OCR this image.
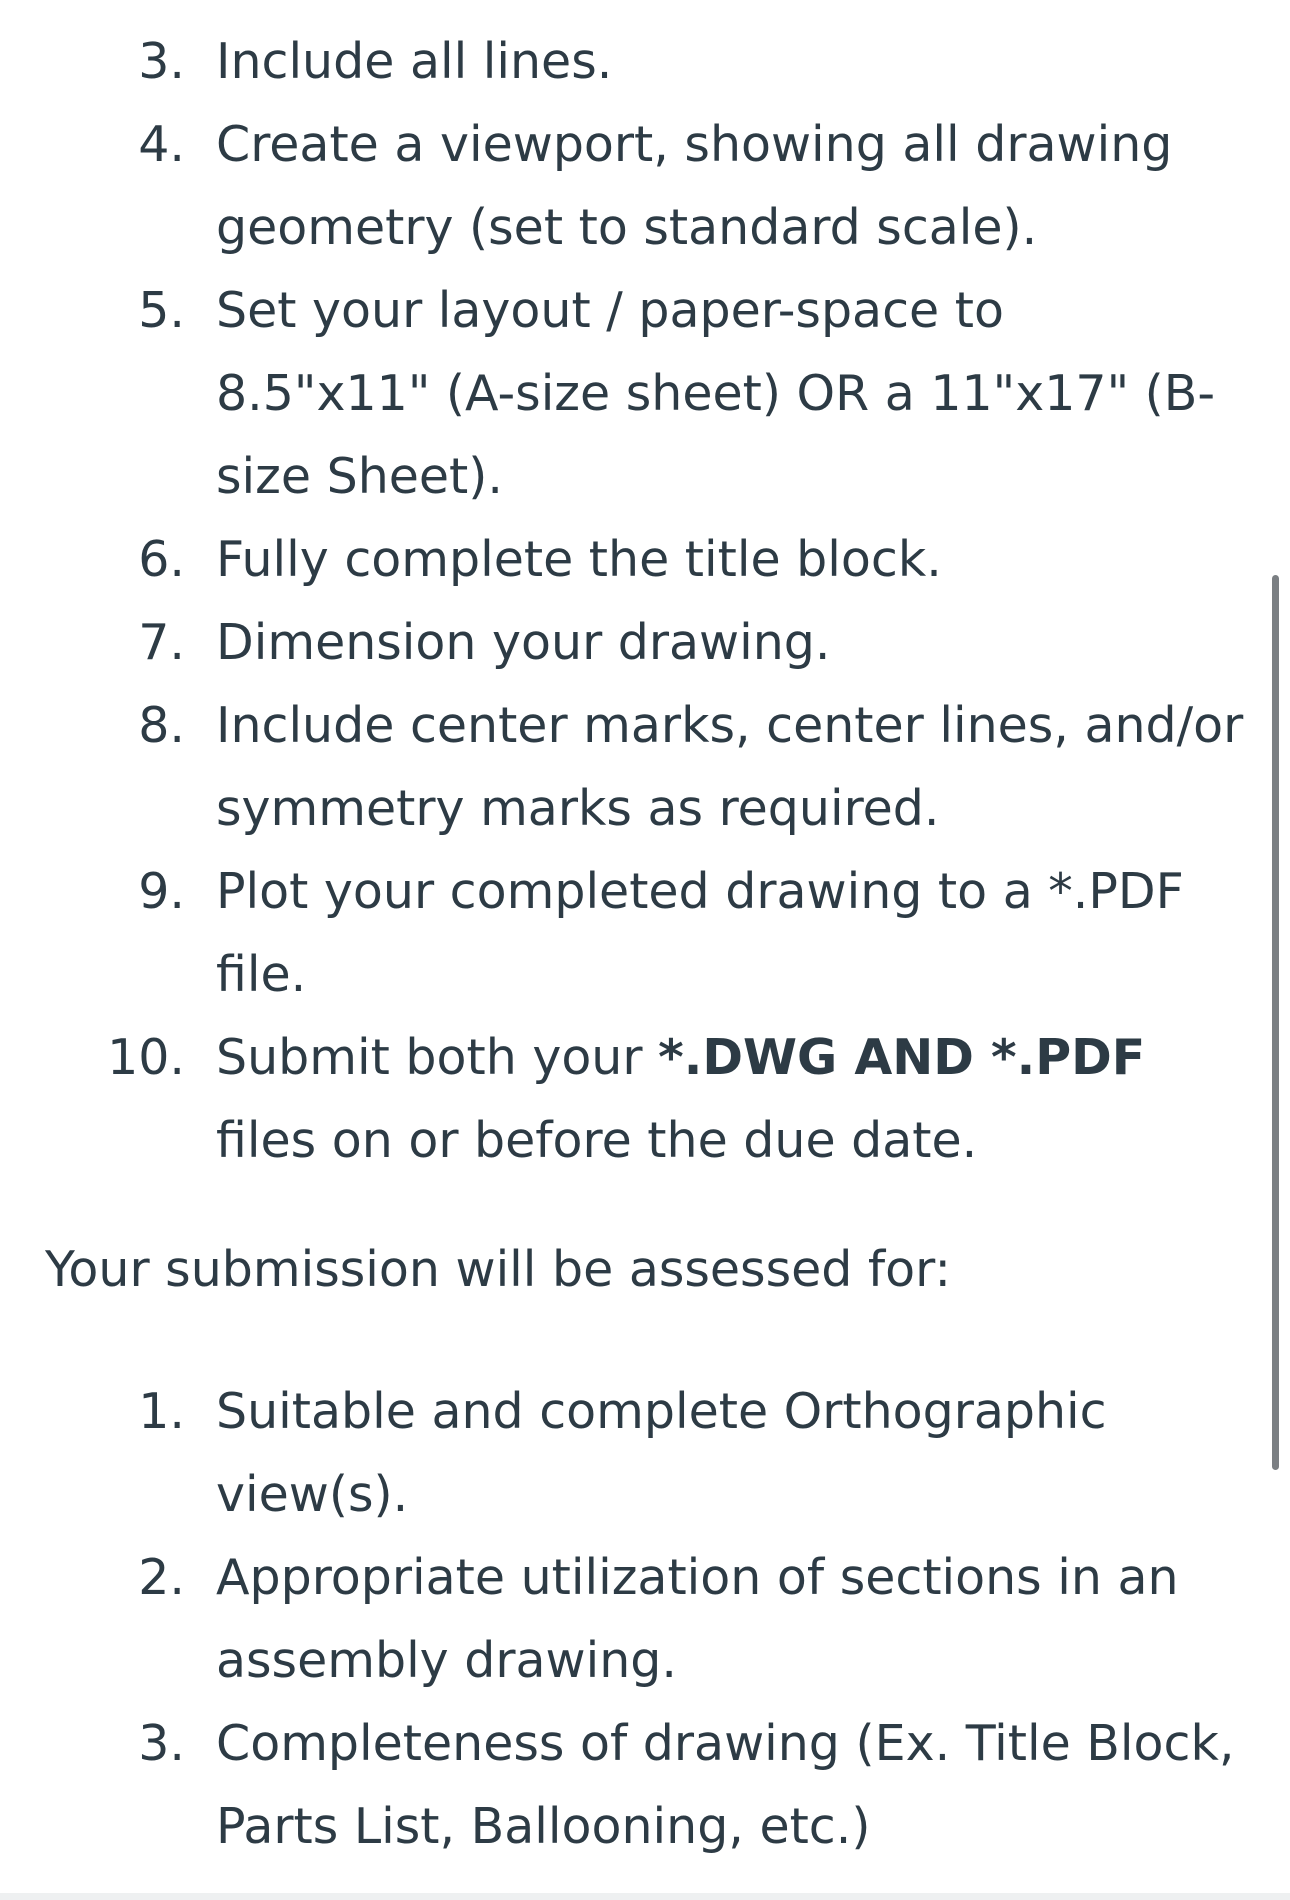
3. Include all lines.
4. Create a viewport, showing all drawing geometry (set to standard scale).
5. Set your layout / paper-space to
8.5"x11" (A-size sheet) OR a 11"x17" (B-
size Sheet).
6. Fully complete the title block.
7. Dimension your drawing.
8. Include center marks, center lines, and/or symmetry marks as required.
9. Plot your completed drawing to a *.PDF file.
10. Submit both your *.DWG AND *.PDF files on or before the due date.

Your submission will be assessed for:

1. Suitable and complete Orthographic view(s).
2. Appropriate utilization of sections in an assembly drawing.
3. Completeness of drawing (Ex. Title Block, Parts List, Ballooning, etc.)
